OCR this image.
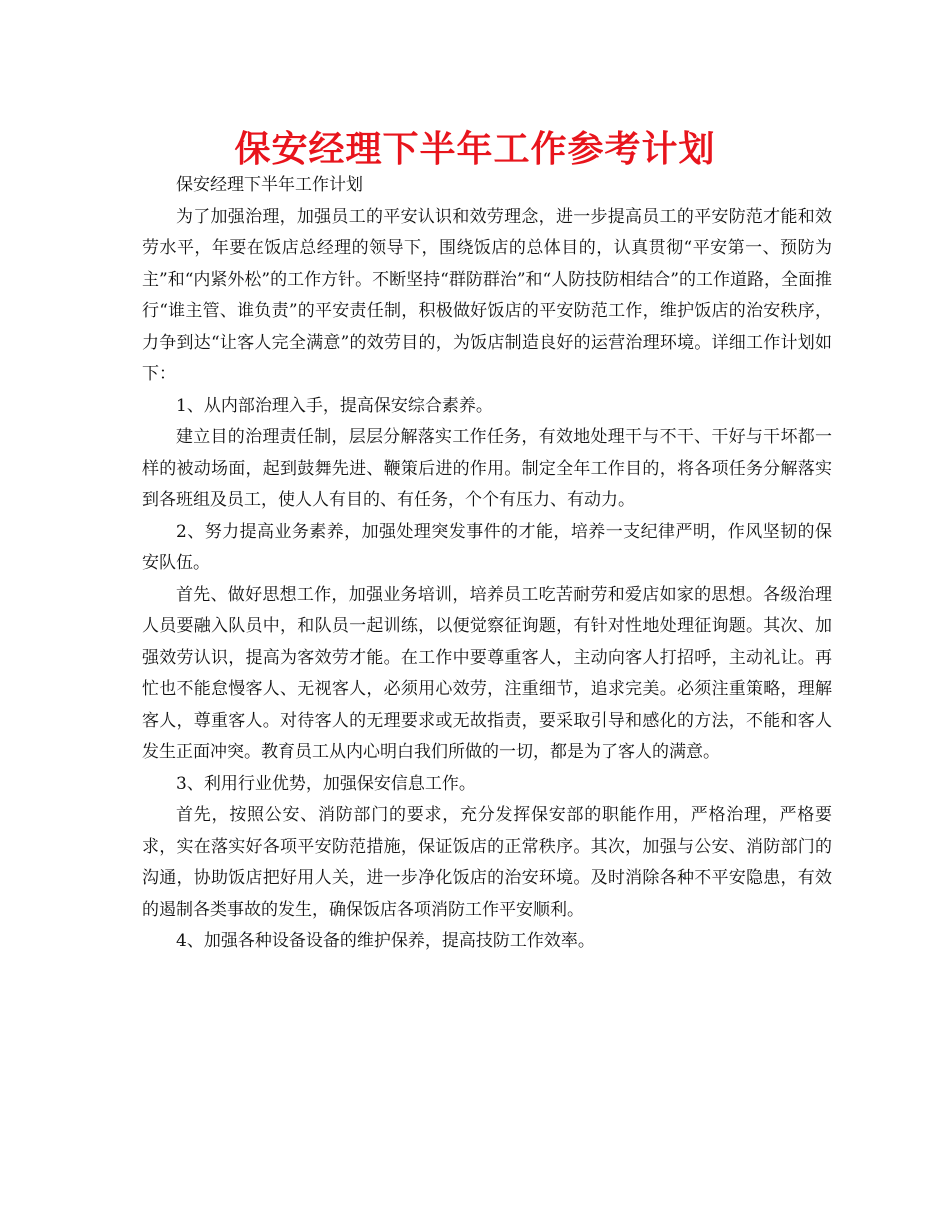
保安经理下半年工作参考计划

保安经理下半年工作计划

为了加强治理，加强员工的平安认识和效劳理念，进一步提高员工的平安防范才能和效劳水平，年要在饭店总经理的领导下，围绕饭店的总体目的，认真贯彻“平安第一、预防为主”和“内紧外松”的工作方针。不断坚持“群防群治”和“人防技防相结合”的工作道路，全面推行“谁主管、谁负责”的平安责任制，积极做好饭店的平安防范工作，维护饭店的治安秩序，力争到达“让客人完全满意”的效劳目的，为饭店制造良好的运营治理环境。详细工作计划如下：

1、从内部治理入手，提高保安综合素养。

建立目的治理责任制，层层分解落实工作任务，有效地处理干与不干、干好与干坏都一样的被动场面，起到鼓舞先进、鞭策后进的作用。制定全年工作目的，将各项任务分解落实到各班组及员工，使人人有目的、有任务，个个有压力、有动力。

2、努力提高业务素养，加强处理突发事件的才能，培养一支纪律严明，作风坚韧的保安队伍。

首先、做好思想工作，加强业务培训，培养员工吃苦耐劳和爱店如家的思想。各级治理人员要融入队员中，和队员一起训练，以便觉察征询题，有针对性地处理征询题。其次、加强效劳认识，提高为客效劳才能。在工作中要尊重客人，主动向客人打招呼，主动礼让。再忙也不能怠慢客人、无视客人，必须用心效劳，注重细节，追求完美。必须注重策略，理解客人，尊重客人。对待客人的无理要求或无故指责，要采取引导和感化的方法，不能和客人发生正面冲突。教育员工从内心明白我们所做的一切，都是为了客人的满意。

3、利用行业优势，加强保安信息工作。

首先，按照公安、消防部门的要求，充分发挥保安部的职能作用，严格治理，严格要求，实在落实好各项平安防范措施，保证饭店的正常秩序。其次，加强与公安、消防部门的沟通，协助饭店把好用人关，进一步净化饭店的治安环境。及时消除各种不平安隐患，有效的遏制各类事故的发生，确保饭店各项消防工作平安顺利。

4、加强各种设备设备的维护保养，提高技防工作效率。
